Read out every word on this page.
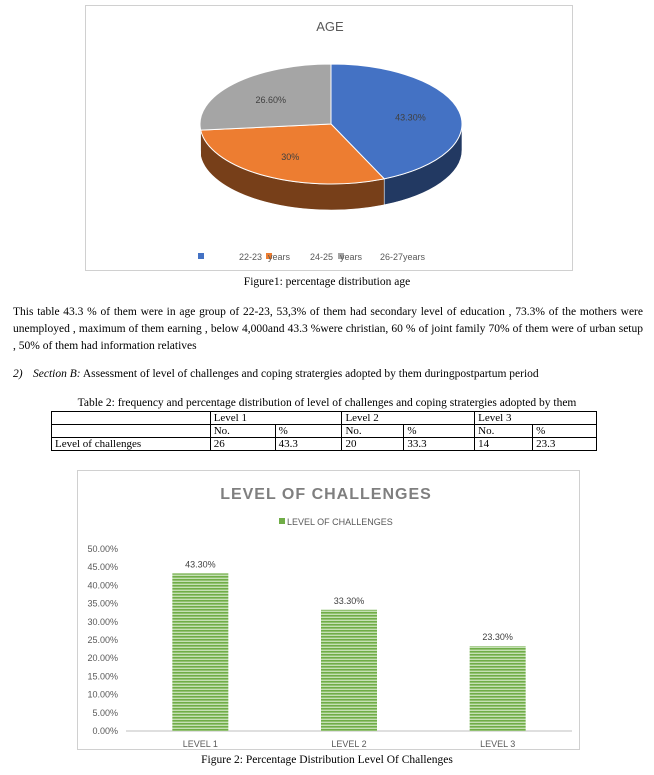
AGE
43.30%
30%
26.60%
22-23 years 24-25 years 26-27years
Figure1: percentage distribution age
This table 43.3 % of them were in age group of 22-23, 53,3% of them had secondary level of education , 73.3% of the mothers were unemployed , maximum of them earning , below 4,000and 43.3 %were christian, 60 % of joint family 70% of them were of urban setup , 50% of them had information relatives
2) Section B: Assessment of level of challenges and coping stratergies adopted by them duringpostpartum period
Table 2: frequency and percentage distribution of level of challenges and coping stratergies adopted by them
	Level 1		Level 2		Level 3	
	No.	%	No.	%	No.	%
Level of challenges	26	43.3	20	33.3	14	23.3
LEVEL OF CHALLENGES
LEVEL OF CHALLENGES
0.00%
5.00%
10.00%
15.00%
20.00%
25.00%
30.00%
35.00%
40.00%
45.00%
50.00%
43.30%
LEVEL 1
33.30%
LEVEL 2
23.30%
LEVEL 3
Figure 2: Percentage Distribution Level Of Challenges
